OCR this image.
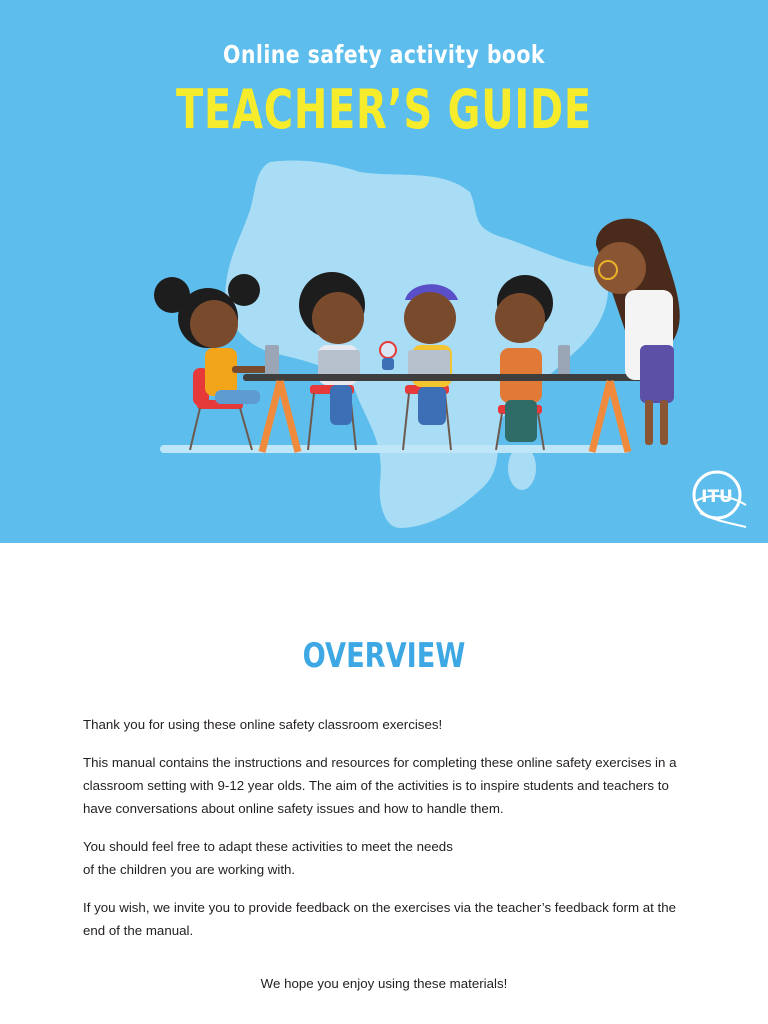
Online safety activity book
TEACHER’S GUIDE
ITU
OVERVIEW

Thank you for using these online safety classroom exercises!

This manual contains the instructions and resources for completing these online safety exercises in a classroom setting with 9-12 year olds. The aim of the activities is to inspire students and teachers to have conversations about online safety issues and how to handle them.

You should feel free to adapt these activities to meet the needs
of the children you are working with.

If you wish, we invite you to provide feedback on the exercises via the teacher’s feedback form at the end of the manual.

We hope you enjoy using these materials!
